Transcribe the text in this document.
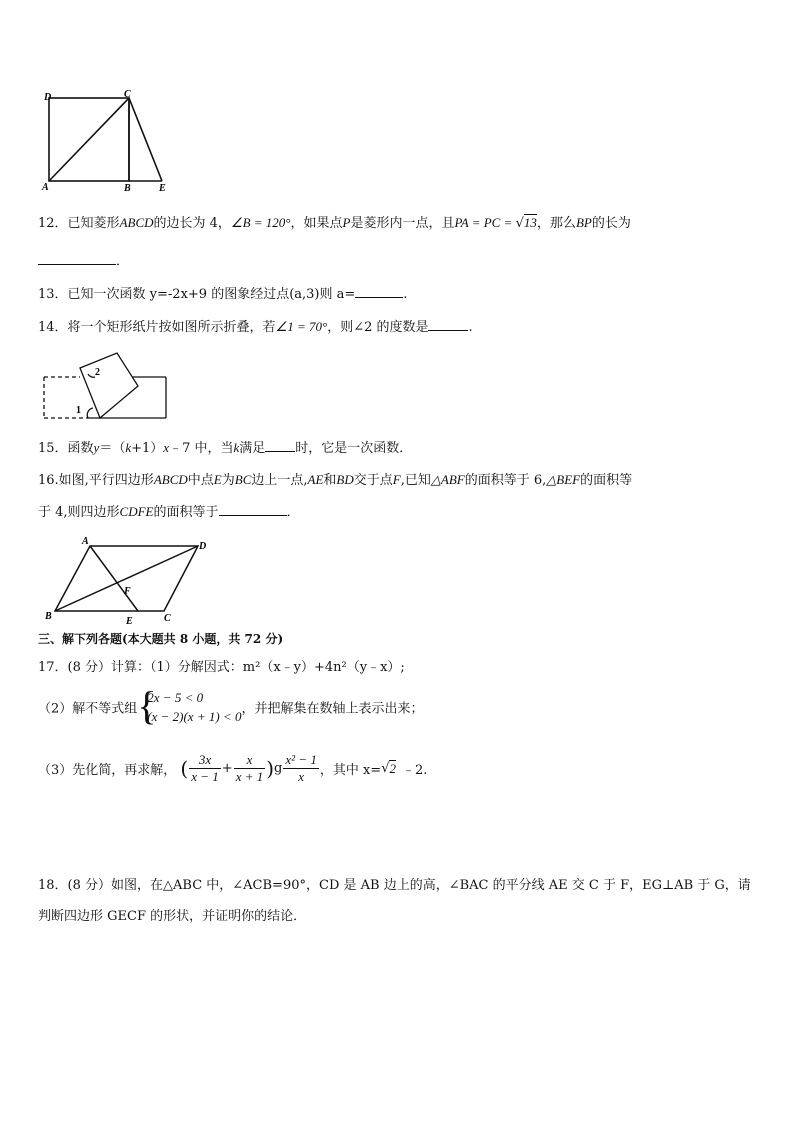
D	C
A	B	E
12．已知菱形ABCD的边长为 4，∠B = 120°，如果点P是菱形内一点，且PA = PC = √13，那么BP的长为
．
13．已知一次函数 y=-2x+9 的图象经过点(a,3)则 a=	.
14．将一个矩形纸片按如图所示折叠，若∠1 = 70°，则∠2 的度数是	.
1
2
15．函数y＝（k+1）x﹣7 中，当k满足 时，它是一次函数．
16.如图,平行四边形ABCD中点E为BC边上一点,AE和BD交于点F,已知△ABF的面积等于 6,△BEF的面积等
于 4,则四边形CDFE的面积等于	．
A	D
B	E	C
F
三、解下列各题(本大题共 8 小题，共 72 分)
17．(8 分）计算：（1）分解因式：m²（x﹣y）+4n²（y﹣x）;
（2）解不等式组 {
2x − 5 < 0
(x − 2)(x + 1) < 0 ，并把解集在数轴上表示出来；
（3）先化简，再求解， ( $\frac{3x}{x - 1} + \frac{x}{x + 1} )g \frac{\text{x² − 1}}{x}$ ，其中 x=√2 ﹣2.
18．(8 分）如图，在△ABC 中，∠ACB=90°，CD 是 AB 边上的高，∠BAC 的平分线 AE 交 C 于 F，EG⊥AB 于 G，请
判断四边形 GECF 的形状，并证明你的结论．
